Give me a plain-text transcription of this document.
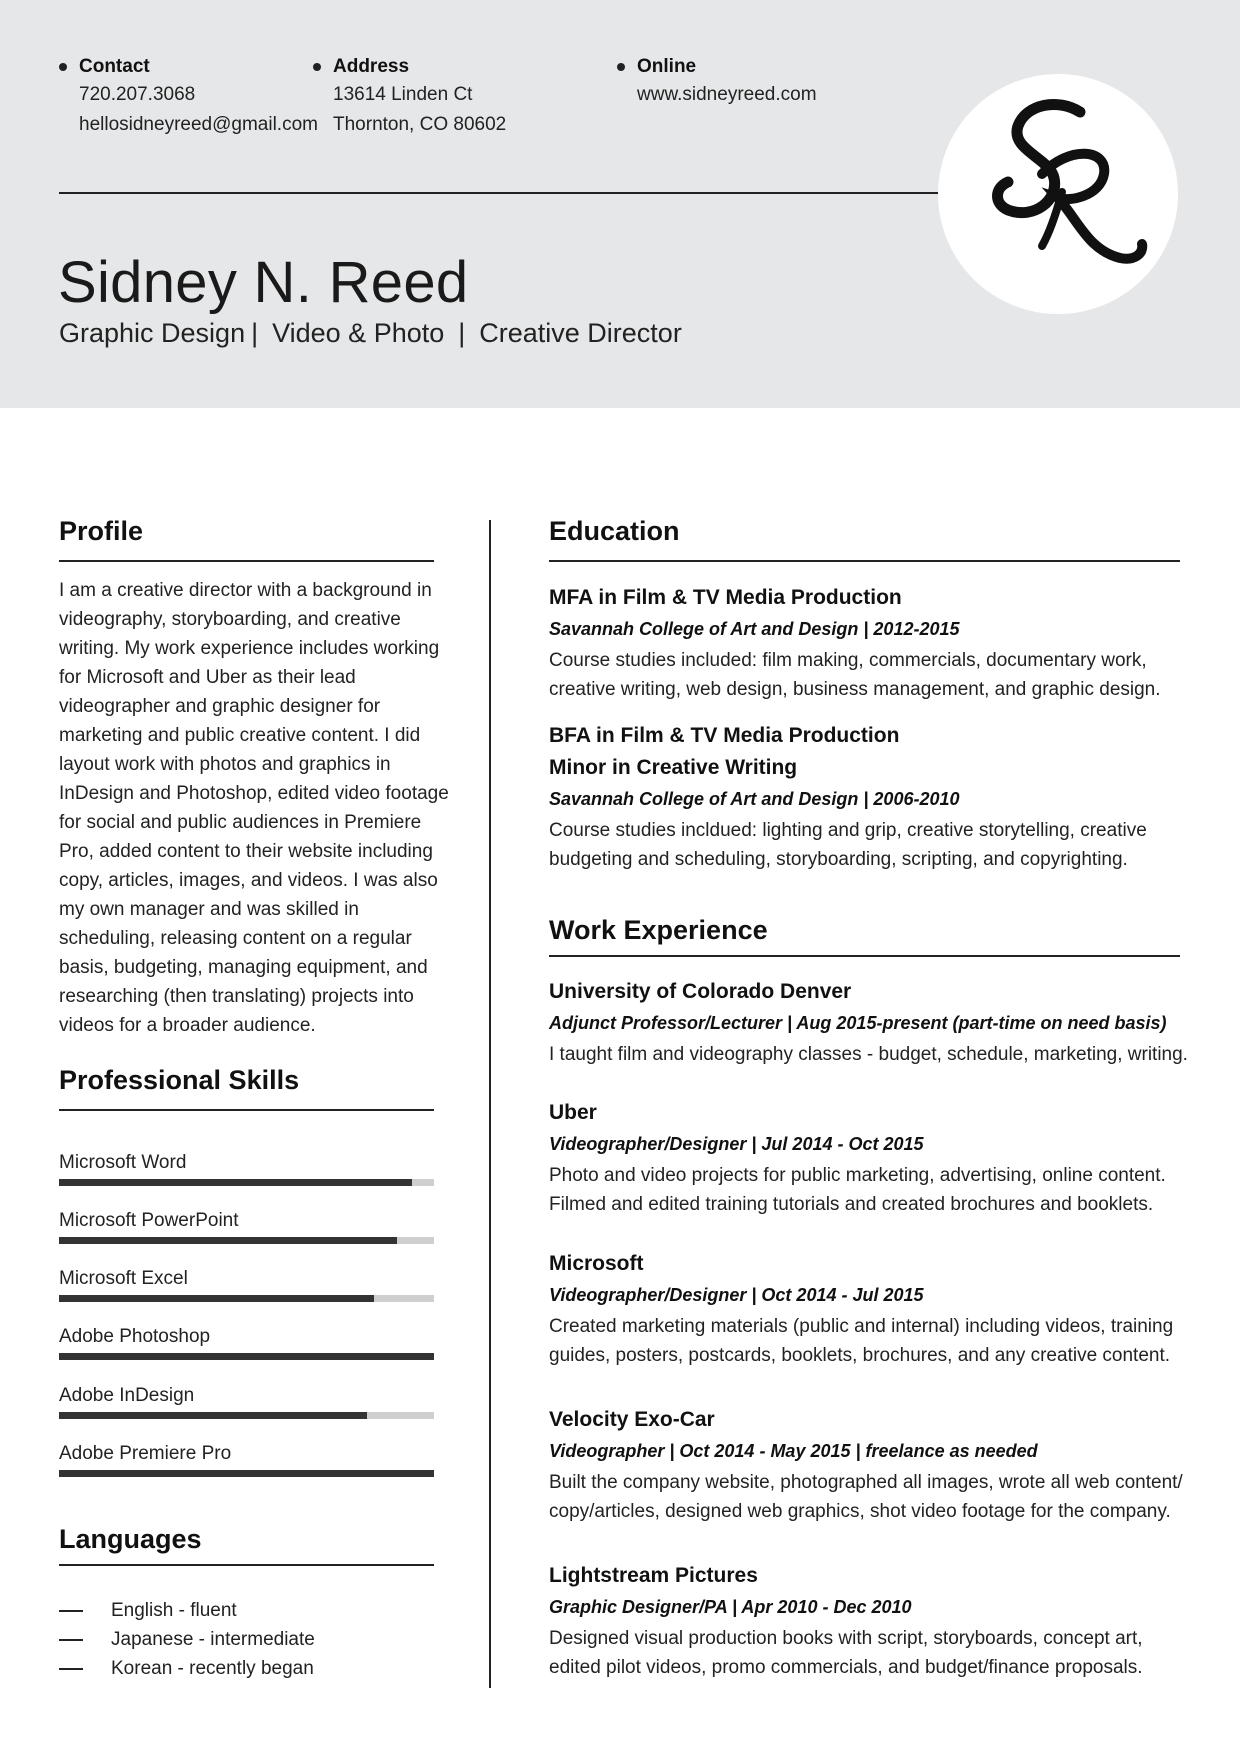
Contact
720.207.3068
hellosidneyreed@gmail.com
Address
13614 Linden Ct
Thornton, CO 80602
Online
www.sidneyreed.com
Sidney N. Reed
Graphic Design | Video & Photo | Creative Director
Profile
I am a creative director with a background in videography, storyboarding, and creative writing. My work experience includes working for Microsoft and Uber as their lead videographer and graphic designer for marketing and public creative content. I did layout work with photos and graphics in InDesign and Photoshop, edited video footage for social and public audiences in Premiere Pro, added content to their website including copy, articles, images, and videos. I was also my own manager and was skilled in scheduling, releasing content on a regular basis, budgeting, managing equipment, and researching (then translating) projects into videos for a broader audience.
Professional Skills
Microsoft Word
Microsoft PowerPoint
Microsoft Excel
Adobe Photoshop
Adobe InDesign
Adobe Premiere Pro
Languages
English - fluent
Japanese - intermediate
Korean - recently began
Education
MFA in Film & TV Media Production
Savannah College of Art and Design | 2012-2015
Course studies included: film making, commercials, documentary work, creative writing, web design, business management, and graphic design.
BFA in Film & TV Media Production
Minor in Creative Writing
Savannah College of Art and Design | 2006-2010
Course studies incldued: lighting and grip, creative storytelling, creative budgeting and scheduling, storyboarding, scripting, and copyrighting.
Work Experience
University of Colorado Denver
Adjunct Professor/Lecturer | Aug 2015-present (part-time on need basis)
I taught film and videography classes - budget, schedule, marketing, writing.
Uber
Videographer/Designer | Jul 2014 - Oct 2015
Photo and video projects for public marketing, advertising, online content. Filmed and edited training tutorials and created brochures and booklets.
Microsoft
Videographer/Designer | Oct 2014 - Jul 2015
Created marketing materials (public and internal) including videos, training guides, posters, postcards, booklets, brochures, and any creative content.
Velocity Exo-Car
Videographer | Oct 2014 - May 2015 | freelance as needed
Built the company website, photographed all images, wrote all web content/ copy/articles, designed web graphics, shot video footage for the company.
Lightstream Pictures
Graphic Designer/PA | Apr 2010 - Dec 2010
Designed visual production books with script, storyboards, concept art, edited pilot videos, promo commercials, and budget/finance proposals.
